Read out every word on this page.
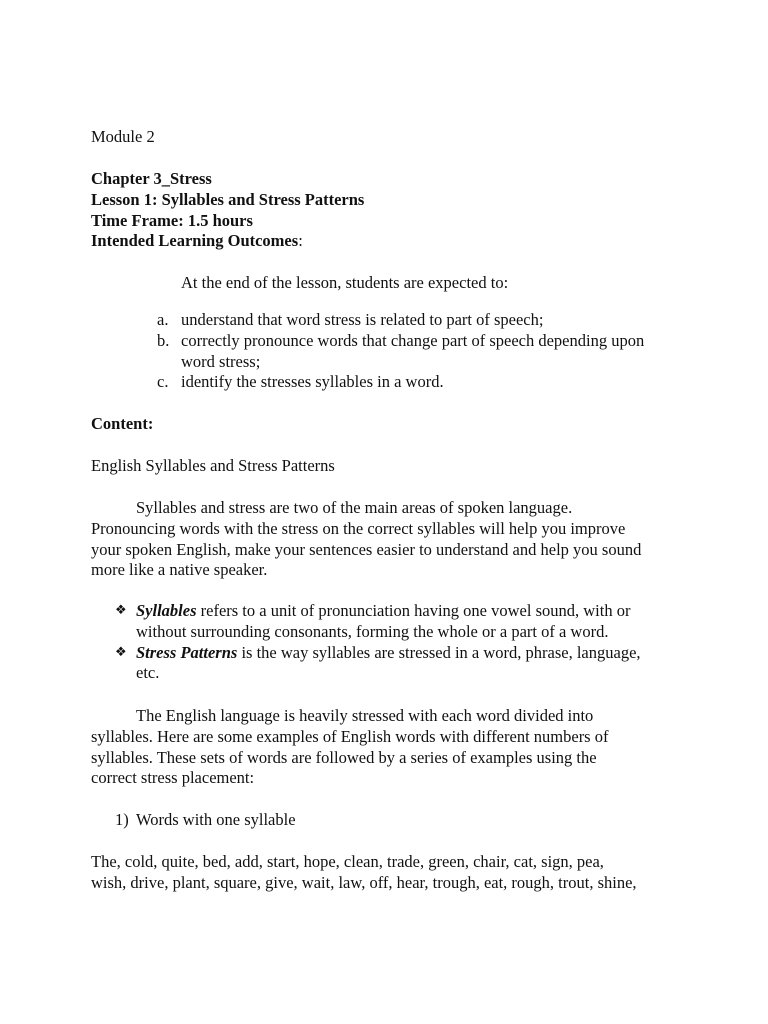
Module 2
Chapter 3_Stress
Lesson 1: Syllables and Stress Patterns
Time Frame: 1.5 hours
Intended Learning Outcomes:
At the end of the lesson, students are expected to:
a. understand that word stress is related to part of speech;
b. correctly pronounce words that change part of speech depending upon
word stress;
c. identify the stresses syllables in a word.
Content:
English Syllables and Stress Patterns
Syllables and stress are two of the main areas of spoken language.
Pronouncing words with the stress on the correct syllables will help you improve
your spoken English, make your sentences easier to understand and help you sound
more like a native speaker.
❖ Syllables refers to a unit of pronunciation having one vowel sound, with or
without surrounding consonants, forming the whole or a part of a word.
❖ Stress Patterns is the way syllables are stressed in a word, phrase, language,
etc.
The English language is heavily stressed with each word divided into
syllables. Here are some examples of English words with different numbers of
syllables. These sets of words are followed by a series of examples using the
correct stress placement:
1) Words with one syllable
The, cold, quite, bed, add, start, hope, clean, trade, green, chair, cat, sign, pea,
wish, drive, plant, square, give, wait, law, off, hear, trough, eat, rough, trout, shine,
